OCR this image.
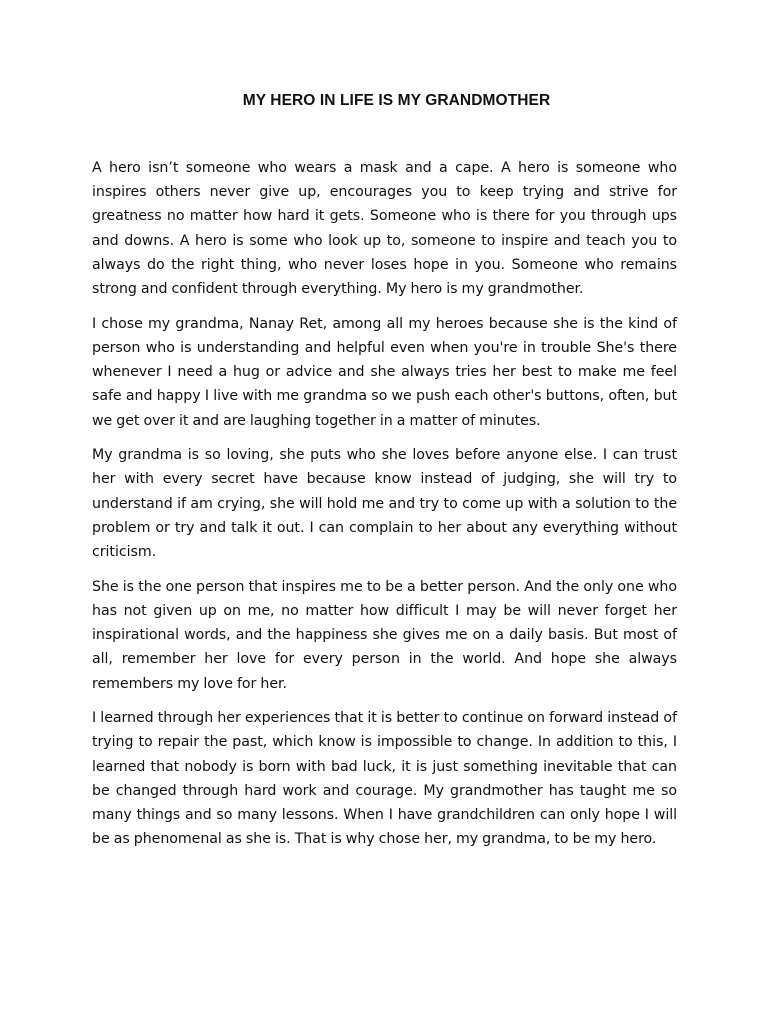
MY HERO IN LIFE IS MY GRANDMOTHER

A hero isn’t someone who wears a mask and a cape. A hero is someone who inspires others never give up, encourages you to keep trying and strive for greatness no matter how hard it gets. Someone who is there for you through ups and downs. A hero is some who look up to, someone to inspire and teach you to always do the right thing, who never loses hope in you. Someone who remains strong and confident through everything. My hero is my grandmother.

I chose my grandma, Nanay Ret, among all my heroes because she is the kind of person who is understanding and helpful even when you're in trouble She's there whenever I need a hug or advice and she always tries her best to make me feel safe and happy I live with me grandma so we push each other's buttons, often, but we get over it and are laughing together in a matter of minutes.

My grandma is so loving, she puts who she loves before anyone else. I can trust her with every secret have because know instead of judging, she will try to understand if am crying, she will hold me and try to come up with a solution to the problem or try and talk it out. I can complain to her about any everything without criticism.

She is the one person that inspires me to be a better person. And the only one who has not given up on me, no matter how difficult I may be will never forget her inspirational words, and the happiness she gives me on a daily basis. But most of all, remember her love for every person in the world. And hope she always remembers my love for her.

I learned through her experiences that it is better to continue on forward instead of trying to repair the past, which know is impossible to change. In addition to this, I learned that nobody is born with bad luck, it is just something inevitable that can be changed through hard work and courage. My grandmother has taught me so many things and so many lessons. When I have grandchildren can only hope I will be as phenomenal as she is. That is why chose her, my grandma, to be my hero.
